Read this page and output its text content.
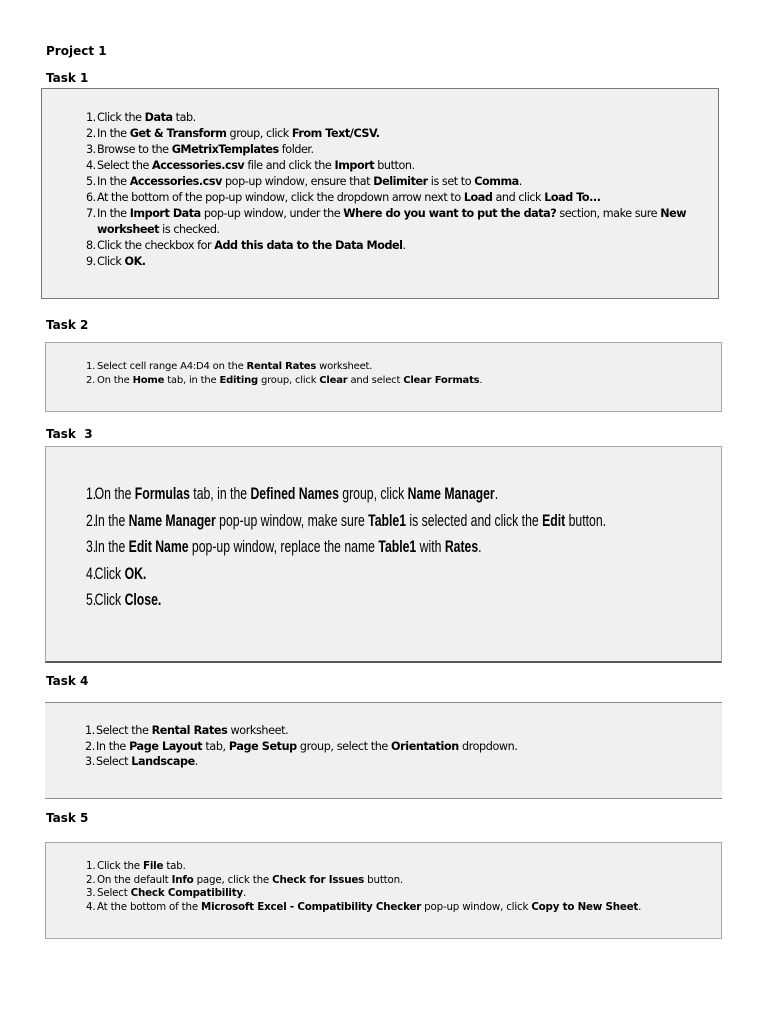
Project 1
Task 1
1. Click the Data tab.
2. In the Get & Transform group, click From Text/CSV.
3. Browse to the GMetrixTemplates folder.
4. Select the Accessories.csv file and click the Import button.
5. In the Accessories.csv pop-up window, ensure that Delimiter is set to Comma.
6. At the bottom of the pop-up window, click the dropdown arrow next to Load and click Load To...
7. In the Import Data pop-up window, under the Where do you want to put the data? section, make sure New worksheet is checked.
8. Click the checkbox for Add this data to the Data Model.
9. Click OK.
Task 2
1. Select cell range A4:D4 on the Rental Rates worksheet.
2. On the Home tab, in the Editing group, click Clear and select Clear Formats.
Task  3
1.
On the Formulas tab, in the Defined Names group, click Name Manager.
2.
In the Name Manager pop-up window, make sure Table1 is selected and click the Edit button.
3.
In the Edit Name pop-up window, replace the name Table1 with Rates.
4.
Click OK.
5.
Click Close.
Task 4
1. Select the Rental Rates worksheet.
2. In the Page Layout tab, Page Setup group, select the Orientation dropdown.
3. Select Landscape.
Task 5
1. Click the File tab.
2. On the default Info page, click the Check for Issues button.
3. Select Check Compatibility.
4. At the bottom of the Microsoft Excel - Compatibility Checker pop-up window, click Copy to New Sheet.
